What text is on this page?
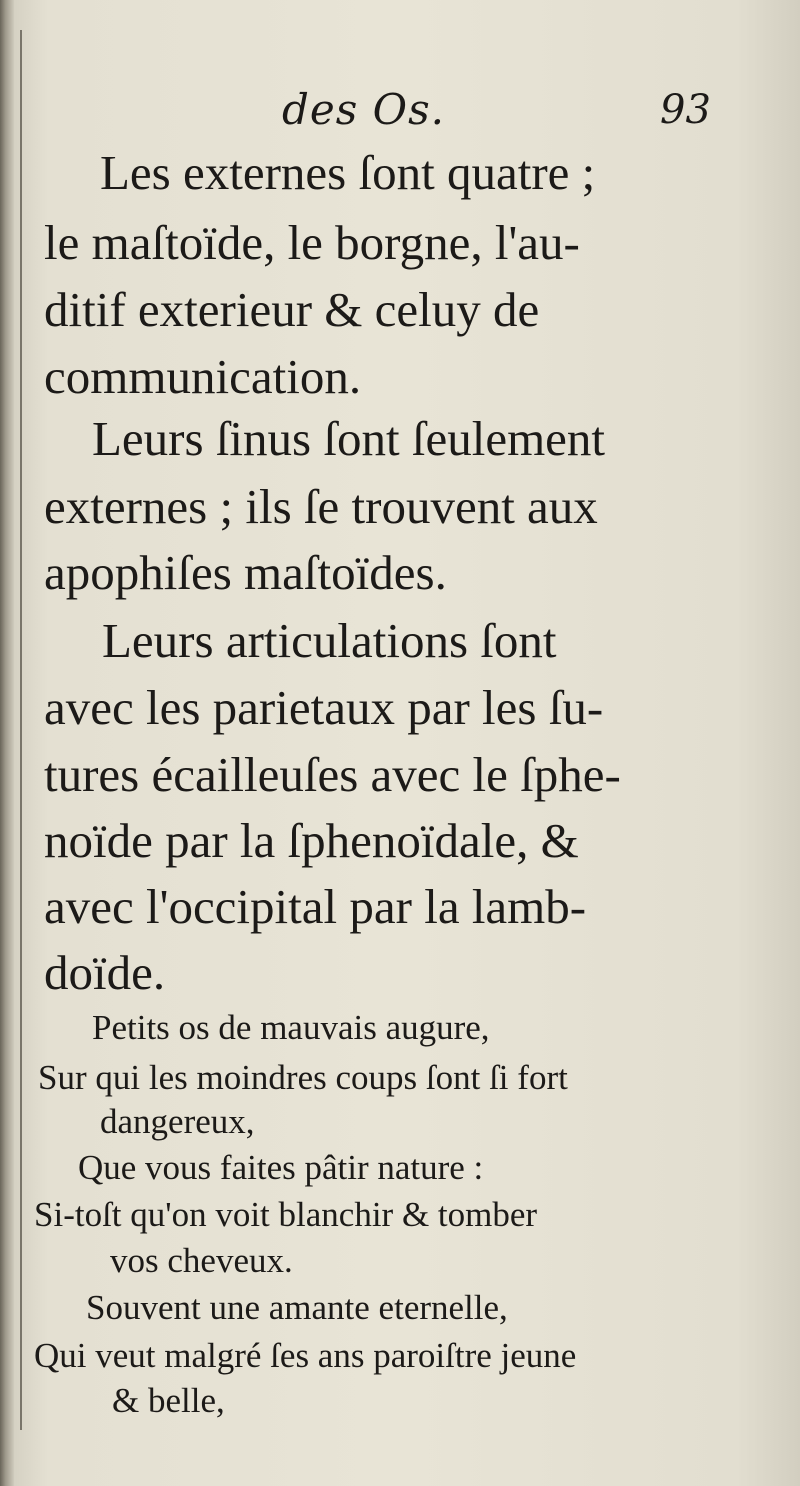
des Os.	93
Les externes ſont quatre ;
le maſtoïde, le borgne, l'au-
ditif exterieur & celuy de
communication.
Leurs ſinus ſont ſeulement
externes ; ils ſe trouvent aux
apophiſes maſtoïdes.
Leurs articulations ſont
avec les parietaux par les ſu-
tures écailleuſes avec le ſphe-
noïde par la ſphenoïdale, &
avec l'occipital par la lamb-
doïde.
Petits os de mauvais augure,
Sur qui les moindres coups ſont ſi fort
dangereux,
Que vous faites pâtir nature :
Si-toſt qu'on voit blanchir & tomber
vos cheveux.
Souvent une amante eternelle,
Qui veut malgré ſes ans paroiſtre jeune
& belle,
